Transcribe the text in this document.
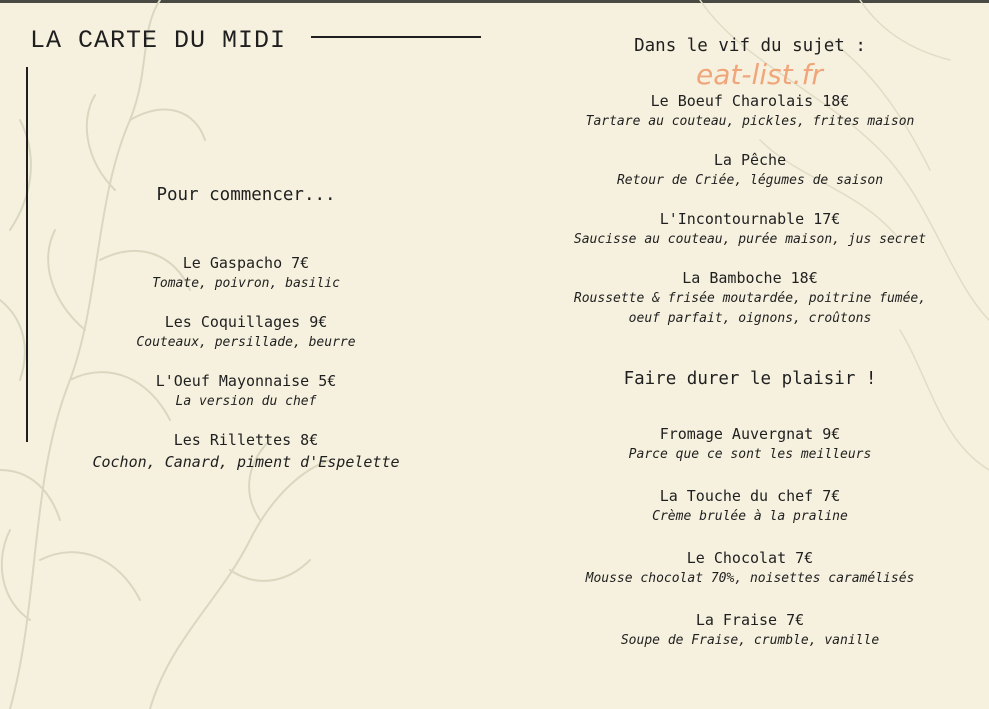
LA CARTE DU MIDI
eat-list.fr
Pour commencer...
Le Gaspacho 7€
Tomate, poivron, basilic
Les Coquillages 9€
Couteaux, persillade, beurre
L'Oeuf Mayonnaise 5€
La version du chef
Les Rillettes 8€
Cochon, Canard, piment d'Espelette
Dans le vif du sujet :
Le Boeuf Charolais 18€
Tartare au couteau, pickles, frites maison
La Pêche
Retour de Criée, légumes de saison
L'Incontournable 17€
Saucisse au couteau, purée maison, jus secret
La Bamboche 18€
Roussette & frisée moutardée, poitrine fumée,
oeuf parfait, oignons, croûtons
Faire durer le plaisir !
Fromage Auvergnat 9€
Parce que ce sont les meilleurs
La Touche du chef 7€
Crème brulée à la praline
Le Chocolat 7€
Mousse chocolat 70%, noisettes caramélisés
La Fraise 7€
Soupe de Fraise, crumble, vanille
